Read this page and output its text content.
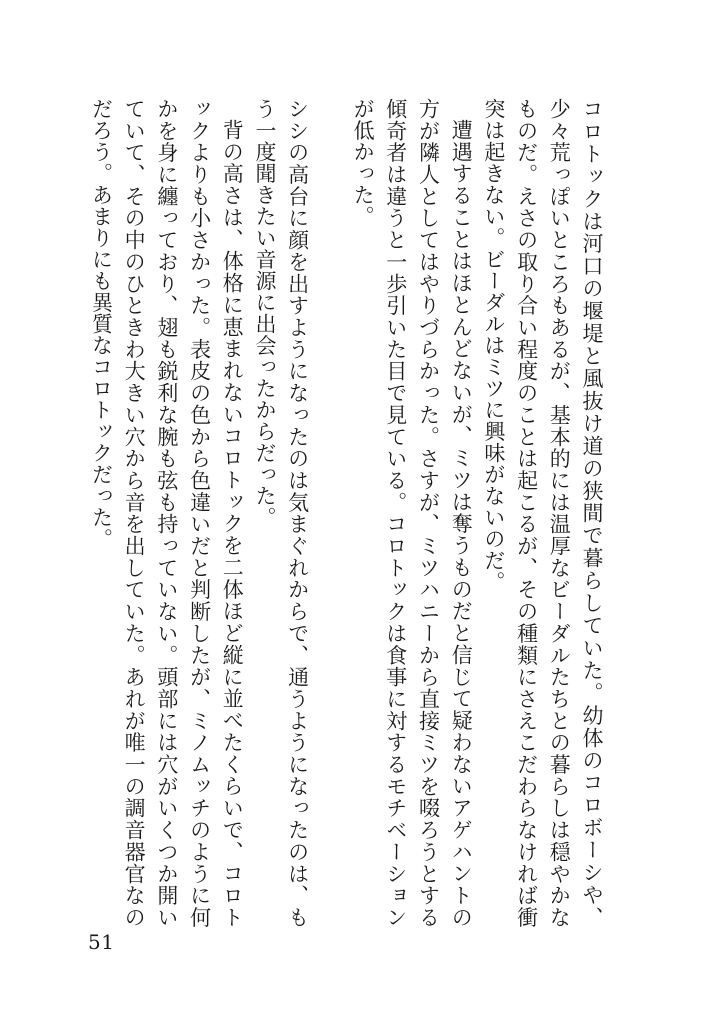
コロトックは河口の堰堤と風抜け道の狭間で暮らしていた。幼体のコロボーシや、少々荒っぽいところもあるが、基本的には温厚なビーダルたちとの暮らしは穏やかなものだ。えさの取り合い程度のことは起こるが、その種類にさえこだわらなければ衝突は起きない。ビーダルはミツに興味がないのだ。

遭遇することはほとんどないが、ミツは奪うものだと信じて疑わないアゲハントの方が隣人としてはやりづらかった。さすが、ミツハニーから直接ミツを啜ろうとする傾奇者は違うと一歩引いた目で見ている。コロトックは食事に対するモチベーションが低かった。

シシの高台に顔を出すようになったのは気まぐれからで、通うようになったのは、もう一度聞きたい音源に出会ったからだった。

背の高さは、体格に恵まれないコロトックを二体ほど縦に並べたくらいで、コロトックよりも小さかった。表皮の色から色違いだと判断したが、ミノムッチのように何かを身に纏っており、翅も鋭利な腕も弦も持っていない。頭部には穴がいくつか開いていて、その中のひときわ大きい穴から音を出していた。あれが唯一の調音器官なのだろう。あまりにも異質なコロトックだった。

51
